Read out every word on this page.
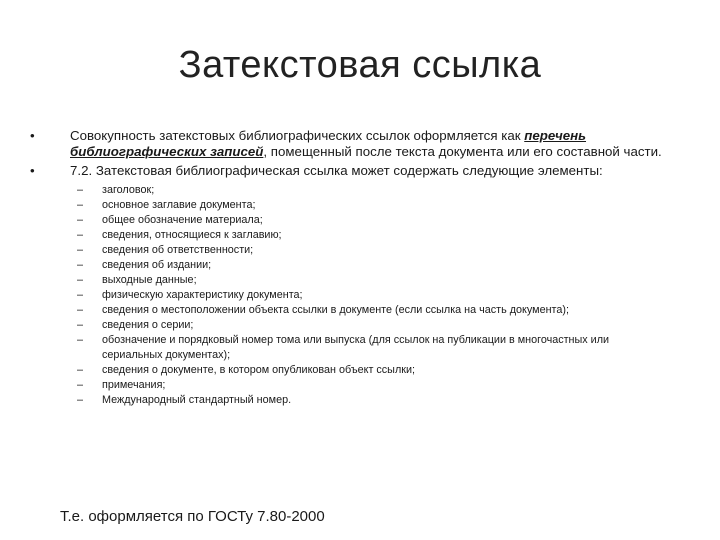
Затекстовая ссылка
•	Совокупность затекстовых библиографических ссылок оформляется как перечень библиографических записей, помещенный после текста документа или его составной части.
•	7.2. Затекстовая библиографическая ссылка может содержать следующие элементы:
– заголовок;
– основное заглавие документа;
– общее обозначение материала;
– сведения, относящиеся к заглавию;
– сведения об ответственности;
– сведения об издании;
– выходные данные;
– физическую характеристику документа;
– сведения о местоположении объекта ссылки в документе (если ссылка на часть документа);
– сведения о серии;
– обозначение и порядковый номер тома или выпуска (для ссылок на публикации в многочастных или сериальных документах);
– сведения о документе, в котором опубликован объект ссылки;
– примечания;
– Международный стандартный номер.
Т.е. оформляется по ГОСТу 7.80-2000
